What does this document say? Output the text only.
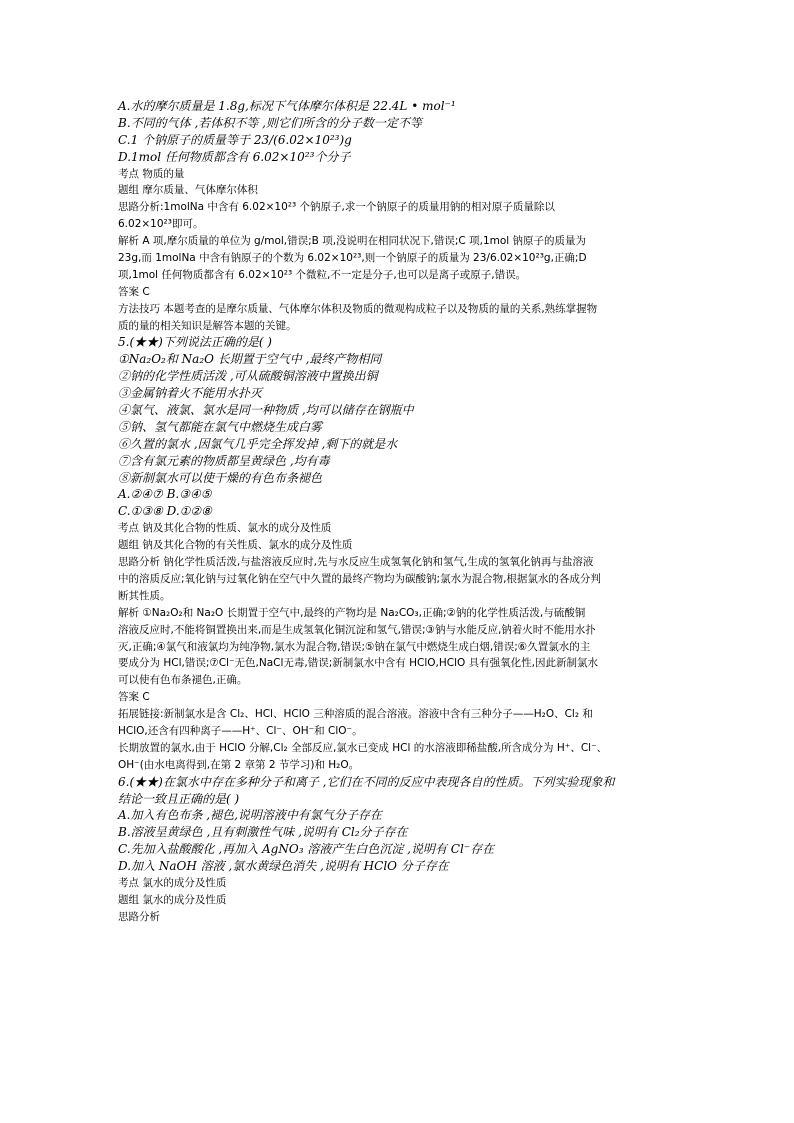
A.水的摩尔质量是 1.8g,标况下气体摩尔体积是 22.4L • mol⁻¹
B.不同的气体 ,若体积不等 ,则它们所含的分子数一定不等
C.1 个钠原子的质量等于 23/(6.02×10²³)g
D.1mol 任何物质都含有 6.02×10²³个分子
考点 物质的量
题组 摩尔质量、气体摩尔体积
思路分析:1molNa 中含有 6.02×10²³ 个钠原子,求一个钠原子的质量用钠的相对原子质量除以
6.02×10²³即可。
解析 A 项,摩尔质量的单位为 g/mol,错误;B 项,没说明在相同状况下,错误;C 项,1mol 钠原子的质量为
23g,而 1molNa 中含有钠原子的个数为 6.02×10²³,则一个钠原子的质量为 23/6.02×10²³g,正确;D
项,1mol 任何物质都含有 6.02×10²³ 个微粒,不一定是分子,也可以是离子或原子,错误。
答案 C
方法技巧 本题考查的是摩尔质量、气体摩尔体积及物质的微观构成粒子以及物质的量的关系,熟练掌握物
质的量的相关知识是解答本题的关键。
5.(★★)下列说法正确的是( )
①Na₂O₂和 Na₂O 长期置于空气中 ,最终产物相同
②钠的化学性质活泼 ,可从硫酸铜溶液中置换出铜
③金属钠着火不能用水扑灭
④氯气、液氯、氯水是同一种物质 ,均可以储存在钢瓶中
⑤钠、氢气都能在氯气中燃烧生成白雾
⑥久置的氯水 ,因氯气几乎完全挥发掉 ,剩下的就是水
⑦含有氯元素的物质都呈黄绿色 ,均有毒
⑧新制氯水可以使干燥的有色布条褪色
A.②④⑦ B.③④⑤
C.①③⑧ D.①②⑧
考点 钠及其化合物的性质、氯水的成分及性质
题组 钠及其化合物的有关性质、氯水的成分及性质
思路分析 钠化学性质活泼,与盐溶液反应时,先与水反应生成氢氧化钠和氢气,生成的氢氧化钠再与盐溶液
中的溶质反应;氧化钠与过氧化钠在空气中久置的最终产物均为碳酸钠;氯水为混合物,根据氯水的各成分判
断其性质。
解析 ①Na₂O₂和 Na₂O 长期置于空气中,最终的产物均是 Na₂CO₃,正确;②钠的化学性质活泼,与硫酸铜
溶液反应时,不能将铜置换出来,而是生成氢氧化铜沉淀和氢气,错误;③钠与水能反应,钠着火时不能用水扑
灭,正确;④氯气和液氯均为纯净物,氯水为混合物,错误;⑤钠在氯气中燃烧生成白烟,错误;⑥久置氯水的主
要成分为 HCl,错误;⑦Cl⁻无色,NaCl无毒,错误;新制氯水中含有 HClO,HClO 具有强氧化性,因此新制氯水
可以使有色布条褪色,正确。
答案 C
拓展链接:新制氯水是含 Cl₂、HCl、HClO 三种溶质的混合溶液。溶液中含有三种分子——H₂O、Cl₂ 和
HClO,还含有四种离子——H⁺、Cl⁻、OH⁻和 ClO⁻。
长期放置的氯水,由于 HClO 分解,Cl₂ 全部反应,氯水已变成 HCl 的水溶液即稀盐酸,所含成分为 H⁺、Cl⁻、
OH⁻(由水电离得到,在第 2 章第 2 节学习)和 H₂O。
6.(★★)在氯水中存在多种分子和离子 ,它们在不同的反应中表现各自的性质。下列实验现象和
结论一致且正确的是( )
A.加入有色布条 ,褪色,说明溶液中有氯气分子存在
B.溶液呈黄绿色 ,且有刺激性气味 ,说明有 Cl₂分子存在
C.先加入盐酸酸化 ,再加入 AgNO₃ 溶液产生白色沉淀 ,说明有 Cl⁻存在
D.加入 NaOH 溶液 ,氯水黄绿色消失 ,说明有 HClO 分子存在
考点 氯水的成分及性质
题组 氯水的成分及性质
思路分析
